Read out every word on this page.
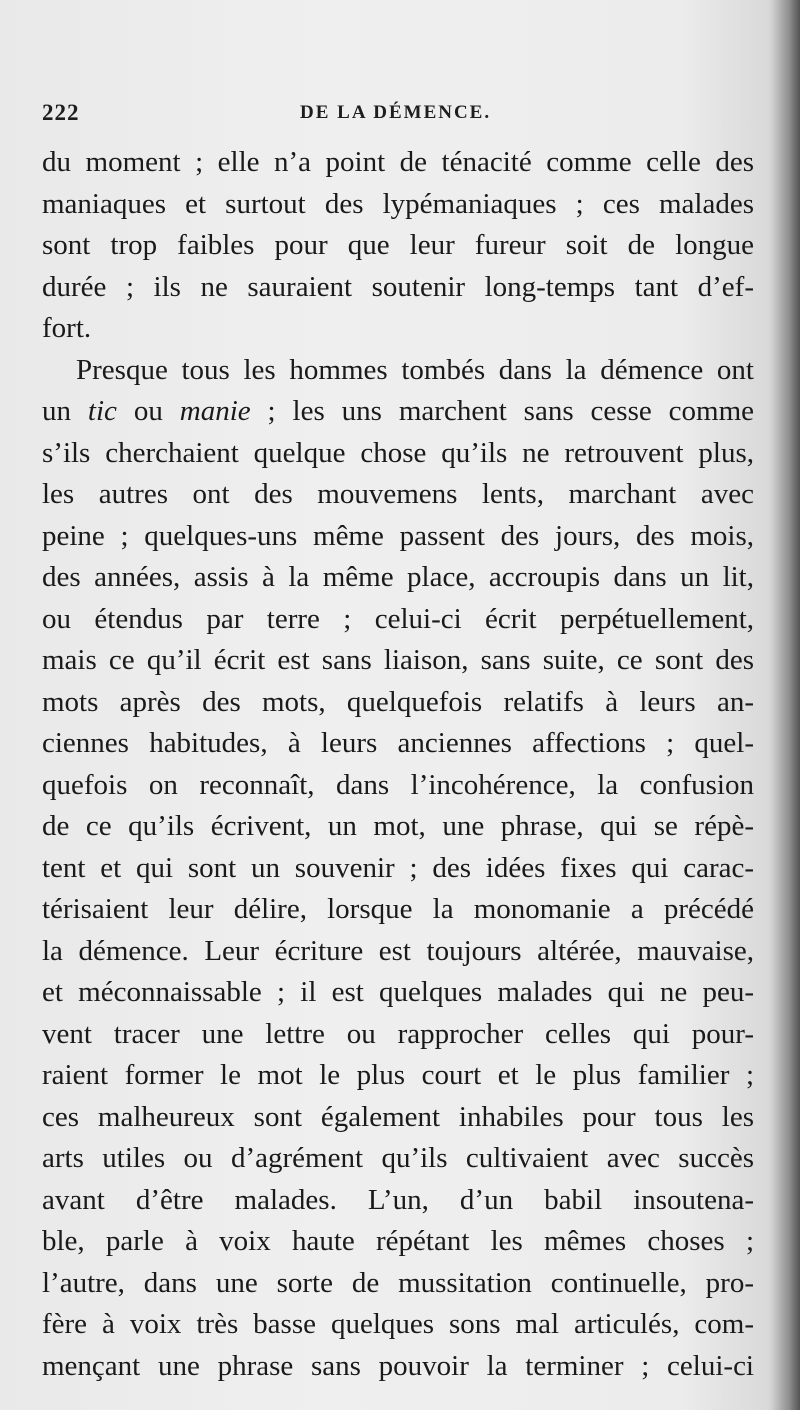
222	DE LA DÉMENCE.
du moment ; elle n’a point de ténacité comme celle des
maniaques et surtout des lypémaniaques ; ces malades
sont trop faibles pour que leur fureur soit de longue
durée ; ils ne sauraient soutenir long-temps tant d’ef-
fort.
Presque tous les hommes tombés dans la démence ont
un tic ou manie ; les uns marchent sans cesse comme
s’ils cherchaient quelque chose qu’ils ne retrouvent plus,
les autres ont des mouvemens lents, marchant avec
peine ; quelques-uns même passent des jours, des mois,
des années, assis à la même place, accroupis dans un lit,
ou étendus par terre ; celui-ci écrit perpétuellement,
mais ce qu’il écrit est sans liaison, sans suite, ce sont des
mots après des mots, quelquefois relatifs à leurs an-
ciennes habitudes, à leurs anciennes affections ; quel-
quefois on reconnaît, dans l’incohérence, la confusion
de ce qu’ils écrivent, un mot, une phrase, qui se répè-
tent et qui sont un souvenir ; des idées fixes qui carac-
térisaient leur délire, lorsque la monomanie a précédé
la démence. Leur écriture est toujours altérée, mauvaise,
et méconnaissable ; il est quelques malades qui ne peu-
vent tracer une lettre ou rapprocher celles qui pour-
raient former le mot le plus court et le plus familier ;
ces malheureux sont également inhabiles pour tous les
arts utiles ou d’agrément qu’ils cultivaient avec succès
avant d’être malades. L’un, d’un babil insoutena-
ble, parle à voix haute répétant les mêmes choses ;
l’autre, dans une sorte de mussitation continuelle, pro-
fère à voix très basse quelques sons mal articulés, com-
mençant une phrase sans pouvoir la terminer ; celui-ci
